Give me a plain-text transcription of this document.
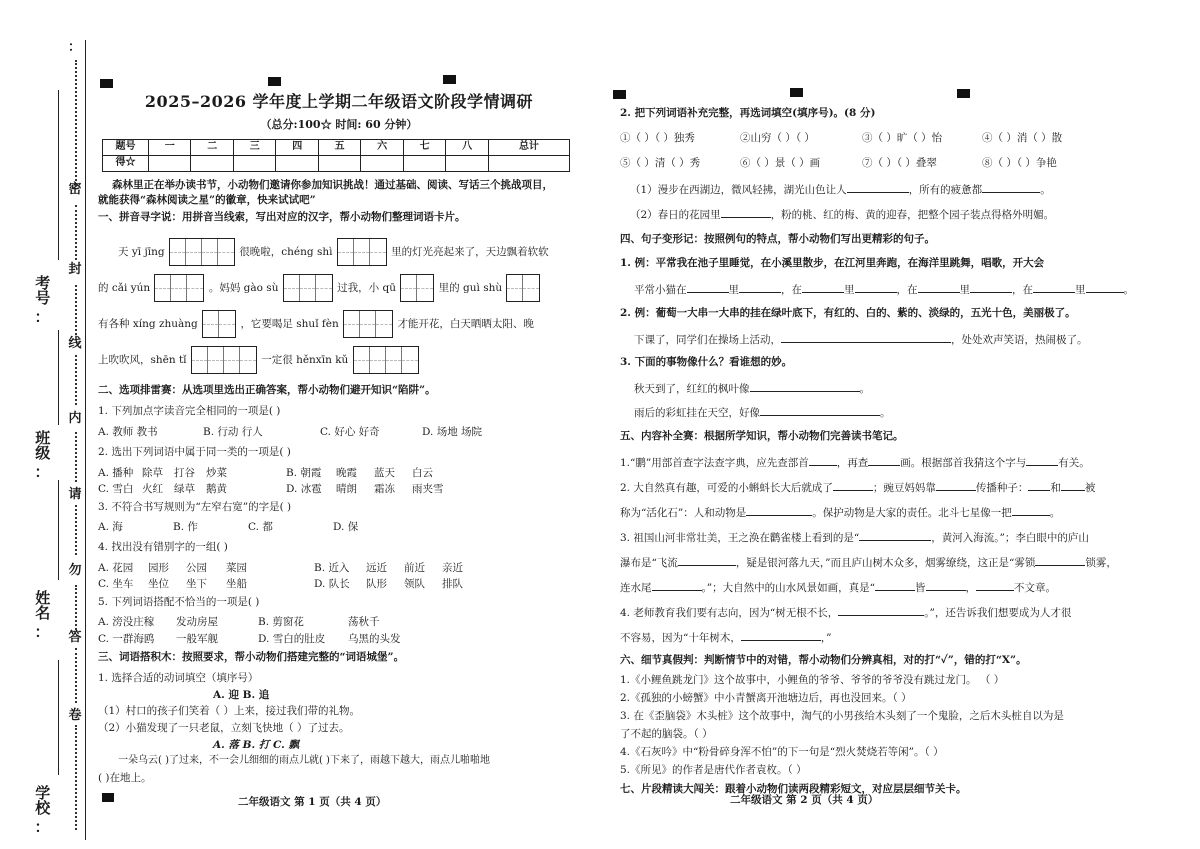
：
密
封
线
内
请
勿
答
卷
考号：
班级：
姓名：
学校：
2025–2026 学年度上学期二年级语文阶段学情调研
（总分:100☆ 时间: 60 分钟）
题号	一	二	三	四	五	六	七	八	总计
得☆									
森林里正在举办读书节，小动物们邀请你参加知识挑战！通过基础、阅读、写话三个挑战项目，
就能获得“森林阅读之星”的徽章，快来试试吧”
一、拼音寻字说：用拼音当线索，写出对应的汉字，帮小动物们整理词语卡片。
天 yī jīng	很晚啦，chéng shì	里的灯光亮起来了，天边飘着软软
的 cǎi yún	。妈妈 gào sù	过我，小 qū	里的 guì shù
有各种 xíng zhuàng	，它要喝足 shuǐ fèn	才能开花，白天晒晒太阳、晚
上吹吹风，shēn tǐ	一定很 hěnxīn kǔ
二、选项排雷赛：从选项里选出正确答案，帮小动物们避开知识“陷阱”。
1. 下列加点字读音完全相同的一项是( )
A. 教师 教书	B. 行动 行人	C. 好心 好奇	D. 场地 场院
2. 选出下列词语中属于同一类的一项是( )
A. 播种 除草 打谷 炒菜	B. 朝霞 晚霞 蓝天 白云
C. 雪白 火红 绿草 鹅黄	D. 冰雹 晴朗 霜冻 雨夹雪
3. 不符合书写规则为“左窄右宽”的字是( )
A. 海	B. 作	C. 都	D. 保
4. 找出没有错别字的一组( )
A. 花园 园形 公园 菜园	B. 近入 远近 前近 亲近
C. 坐车 坐位 坐下 坐船	D. 队长 队形 领队 排队
5. 下列词语搭配不恰当的一项是( )
A. 滂没庄稼 发动房屋	B. 剪窗花	荡秋千
C. 一群海鸥 一般军舰	D. 雪白的肚皮 乌黑的头发
三、词语搭积木：按照要求，帮小动物们搭建完整的“词语城堡”。
1. 选择合适的动词填空（填序号）
A. 迎 B. 追
（1）村口的孩子们笑着（ ）上来，接过我们带的礼物。
（2）小猫发现了一只老鼠，立刻飞快地（ ）了过去。
A. 落 B. 打 C. 飘
一朵乌云( )了过来，不一会儿细细的雨点儿就( )下来了，雨越下越大，雨点儿啪啪地
( )在地上。
二年级语文 第 1 页（共 4 页）
2. 把下列词语补充完整，再选词填空(填序号)。(8 分)
①（ ）（ ）独秀	②山穷（ ）（ ）	③（ ）旷（ ）怡	④（ ）消（ ）散
⑤（ ）清（ ）秀	⑥（ ）景（ ）画	⑦（ ）（ ）叠翠	⑧（ ）（ ）争艳
（1）漫步在西湖边，微风轻拂，湖光山色让人	，所有的疲惫都	。
（2）春日的花园里	，粉的桃、红的梅、黄的迎春，把整个园子装点得格外明媚。
四、句子变形记：按照例句的特点，帮小动物们写出更精彩的句子。
1. 例：平常我在池子里睡觉，在小溪里散步，在江河里奔跑，在海洋里跳舞，唱歌，开大会
平常小猫在	里	，在	里	，在	里	，在	里	。
2. 例：葡萄一大串一大串的挂在绿叶底下，有红的、白的、紫的、淡绿的，五光十色，美丽极了。
下课了，同学们在操场上活动，	，处处欢声笑语，热闹极了。
3. 下面的事物像什么？看谁想的妙。
秋天到了，红红的枫叶像	。
雨后的彩虹挂在天空，好像	。
五、内容补全赛：根据所学知识，帮小动物们完善读书笔记。
1.“鹏”用部首查字法查字典，应先查部首	，再查	画。根据部首我猜这个字与	有关。
2. 大自然真有趣，可爱的小蝌蚪长大后就成了	；豌豆妈妈靠	传播种子： 和 被
称为“活化石”：人和动物是	。保护动物是大家的责任。北斗七星像一把	。
3. 祖国山河非常壮美，王之涣在鹳雀楼上看到的是“	，黄河入海流。”；李白眼中的庐山
瀑布是“飞流	，疑是银河落九天，”而且庐山树木众多，烟雾缭绕，这正是“雾锁	锁雾，
连水尾	。”；大自然中的山水风景如画，真是“	皆	，	不文章。
4. 老师教育我们要有志向，因为“树无根不长，	。”，还告诉我们想要成为人才很
不容易，因为“十年树木，	，”
六、细节真假判：判断情节中的对错，帮小动物们分辨真相，对的打“✓”，错的打“X”。
1.《小鲤鱼跳龙门》这个故事中，小鲤鱼的爷爷、爷爷的爷爷没有跳过龙门。 （ ）
2.《孤独的小螃蟹》中小青蟹离开池塘边后，再也没回来。（ ）
3. 在《歪脑袋》木头桩》这个故事中，淘气的小男孩给木头刻了一个鬼脸，之后木头桩自以为是
了不起的脑袋。（ ）
4.《石灰吟》中“粉骨碎身浑不怕”的下一句是“烈火焚烧若等闲”。（ ）
5.《所见》的作者是唐代作者袁枚。（ ）
七、片段精读大闯关：跟着小动物们读两段精彩短文，对应层层细节关卡。
二年级语文 第 2 页（共 4 页）
